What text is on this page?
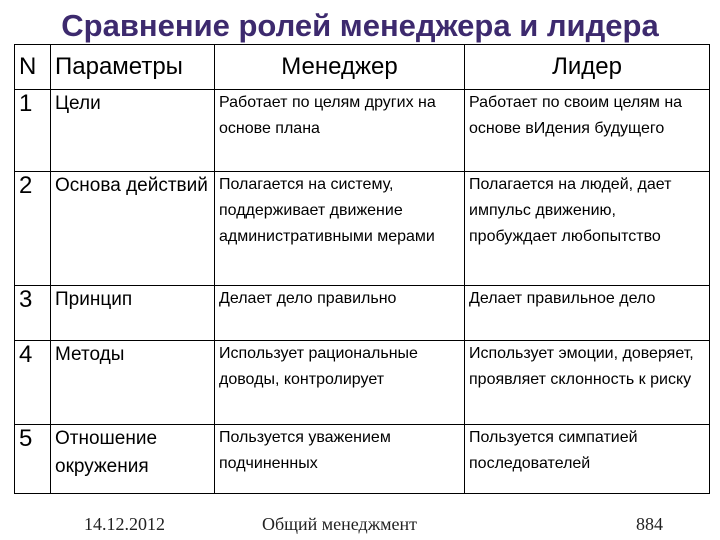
Сравнение ролей менеджера и лидера
N	Параметры	Менеджер	Лидер
1	Цели	Работает по целям других на основе плана	Работает по своим целям на основе вИдения будущего
2	Основа действий	Полагается на систему, поддерживает движение административными мерами	Полагается на людей, дает импульс движению, пробуждает любопытство
3	Принцип	Делает дело правильно	Делает правильное дело
4	Методы	Использует рациональные доводы, контролирует	Использует эмоции, доверяет, проявляет склонность к риску
5	Отношение окружения	Пользуется уважением подчиненных	Пользуется симпатией последователей
14.12.2012	Общий менеджмент	884
